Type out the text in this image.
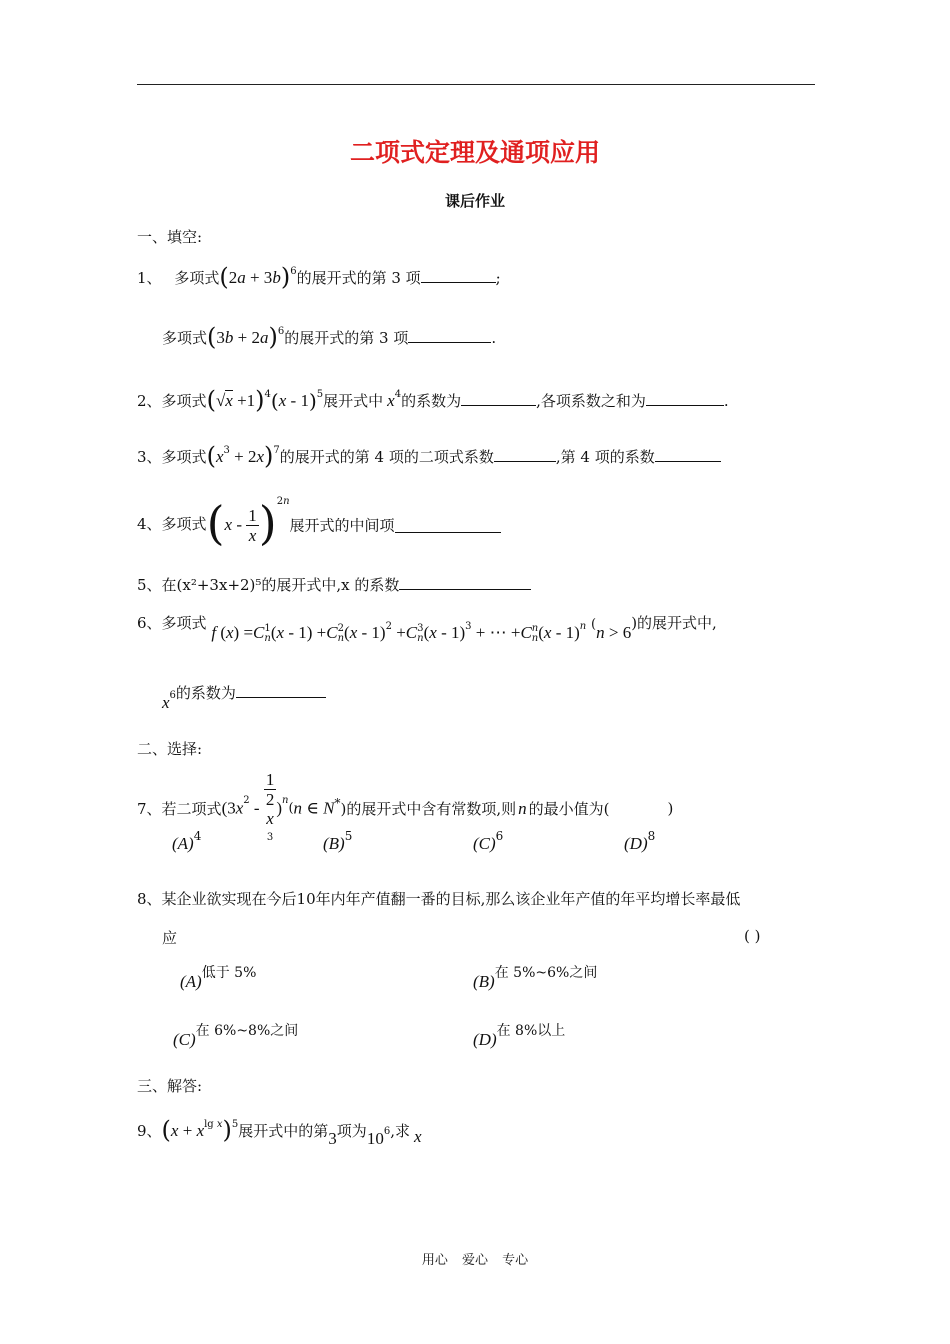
二项式定理及通项应用
课后作业
一、填空:
1、 多项式$(2a + 3b)^6$的展开式的第 3 项	;
多项式$(3b + 2a)^6$的展开式的第 3 项	.
2、多项式$(√x +1)^4(x - 1)^5$展开式中 $x^4$的系数为	,各项系数之和为	.
3、多项式$(x^3 + 2x)^7$的展开式的第 4 项的二项式系数	,第 4 项的系数
4、多项式$(x - \frac{1}{x} )^{2n}$展开式的中间项
5、在(x²+3x+2)⁵的展开式中,x 的系数
6、多项式 f (x) =C 1
n (x - 1) +C 2
n (x - 1)$^2$ +C 3
n (x - 1)$^3$ + ⋯ +C n
n (x - 1)$^n$ (n > 6)的展开式中,
x6的系数为
二、选择:
7、若二项式($3x^2 - 1$
2
x
3 )$^n$(n ∈ N*)的展开式中含有常数项,则 n 的最小值为(	)
$(A)^4$	$(B)^5$	$(C)^6$	$(D)^8$
8、某企业欲实现在今后10年内年产值翻一番的目标,那么该企业年产值的年平均增长率最低
应	( )
(A)低于 5%	(B)在 5%~6%之间
(C)在 6%~8%之间	(D)在 8%以上
三、解答:
9、($x + x^{lg}$ $^x$)$^5$展开式中的第3项为106,求 x
用心 爱心 专心
